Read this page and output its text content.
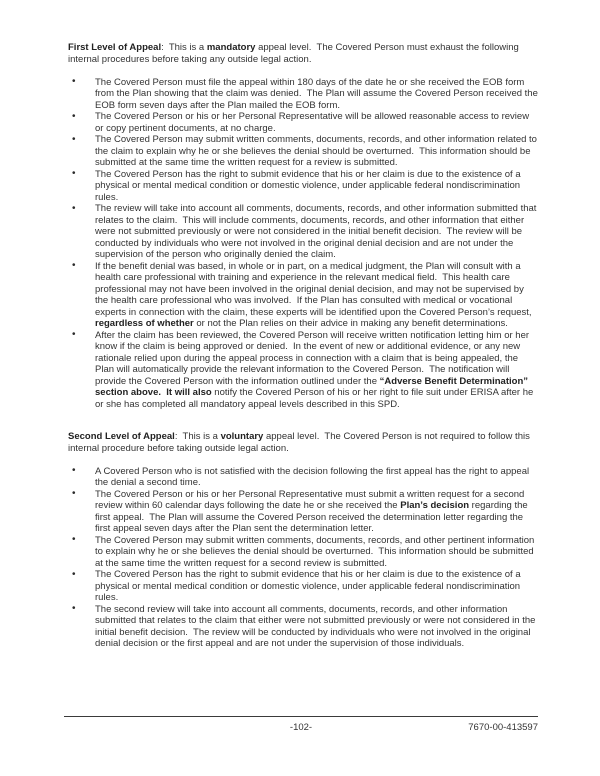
First Level of Appeal:  This is a mandatory appeal level.  The Covered Person must exhaust the following internal procedures before taking any outside legal action.

• The Covered Person must file the appeal within 180 days of the date he or she received the EOB form from the Plan showing that the claim was denied.  The Plan will assume the Covered Person received the EOB form seven days after the Plan mailed the EOB form.
• The Covered Person or his or her Personal Representative will be allowed reasonable access to review or copy pertinent documents, at no charge.
• The Covered Person may submit written comments, documents, records, and other information related to the claim to explain why he or she believes the denial should be overturned.  This information should be submitted at the same time the written request for a review is submitted.
• The Covered Person has the right to submit evidence that his or her claim is due to the existence of a physical or mental medical condition or domestic violence, under applicable federal nondiscrimination rules.
• The review will take into account all comments, documents, records, and other information submitted that relates to the claim.  This will include comments, documents, records, and other information that either were not submitted previously or were not considered in the initial benefit decision.  The review will be conducted by individuals who were not involved in the original denial decision and are not under the supervision of the person who originally denied the claim.
• If the benefit denial was based, in whole or in part, on a medical judgment, the Plan will consult with a health care professional with training and experience in the relevant medical field.  This health care professional may not have been involved in the original denial decision, and may not be supervised by the health care professional who was involved.  If the Plan has consulted with medical or vocational experts in connection with the claim, these experts will be identified upon the Covered Person’s request, regardless of whether or not the Plan relies on their advice in making any benefit determinations.
• After the claim has been reviewed, the Covered Person will receive written notification letting him or her know if the claim is being approved or denied.  In the event of new or additional evidence, or any new rationale relied upon during the appeal process in connection with a claim that is being appealed, the Plan will automatically provide the relevant information to the Covered Person.  The notification will provide the Covered Person with the information outlined under the “Adverse Benefit Determination” section above.  It will also notify the Covered Person of his or her right to file suit under ERISA after he or she has completed all mandatory appeal levels described in this SPD.

Second Level of Appeal:  This is a voluntary appeal level.  The Covered Person is not required to follow this internal procedure before taking outside legal action.

• A Covered Person who is not satisfied with the decision following the first appeal has the right to appeal the denial a second time.
• The Covered Person or his or her Personal Representative must submit a written request for a second review within 60 calendar days following the date he or she received the Plan’s decision regarding the first appeal.  The Plan will assume the Covered Person received the determination letter regarding the first appeal seven days after the Plan sent the determination letter.
• The Covered Person may submit written comments, documents, records, and other pertinent information to explain why he or she believes the denial should be overturned.  This information should be submitted at the same time the written request for a second review is submitted.
• The Covered Person has the right to submit evidence that his or her claim is due to the existence of a physical or mental medical condition or domestic violence, under applicable federal nondiscrimination rules.
• The second review will take into account all comments, documents, records, and other information submitted that relates to the claim that either were not submitted previously or were not considered in the initial benefit decision.  The review will be conducted by individuals who were not involved in the original denial decision or the first appeal and are not under the supervision of those individuals.
-102-	7670-00-413597
